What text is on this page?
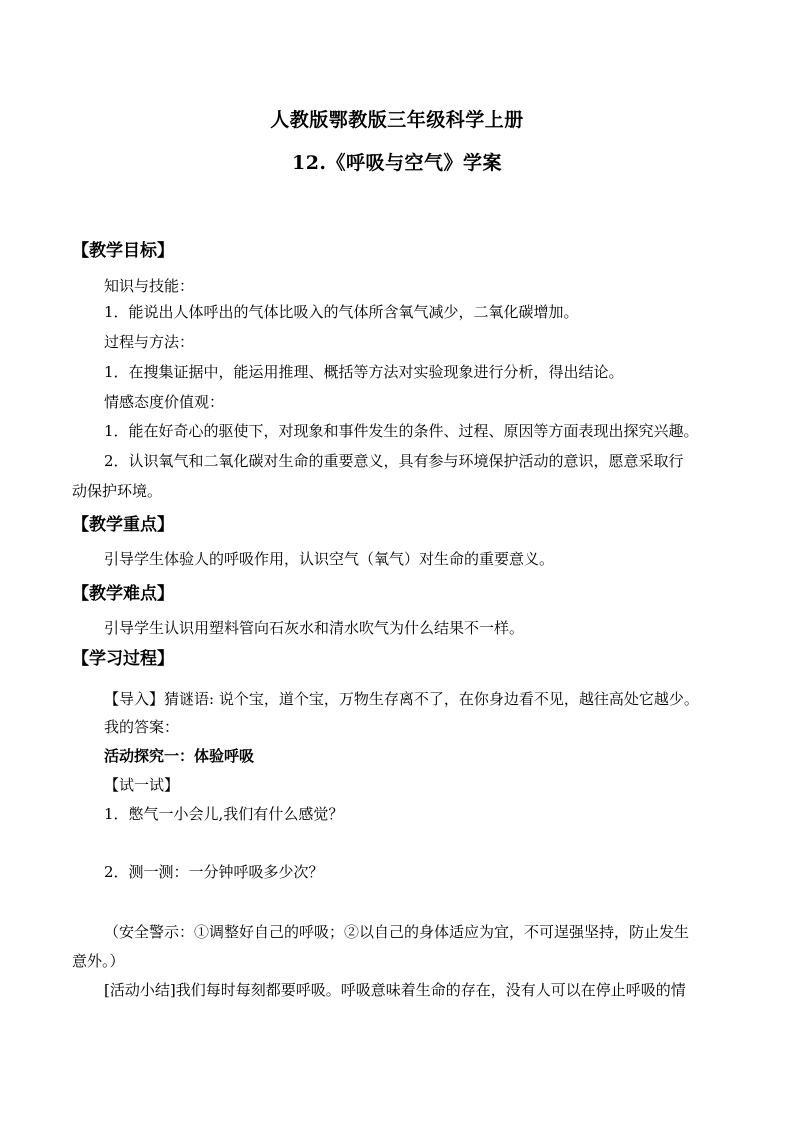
人教版鄂教版三年级科学上册
12.《呼吸与空气》学案
【教学目标】
知识与技能：
1．能说出人体呼出的气体比吸入的气体所含氧气减少，二氧化碳增加。
过程与方法：
1．在搜集证据中，能运用推理、概括等方法对实验现象进行分析，得出结论。
情感态度价值观：
1．能在好奇心的驱使下，对现象和事件发生的条件、过程、原因等方面表现出探究兴趣。
2．认识氧气和二氧化碳对生命的重要意义，具有参与环境保护活动的意识，愿意采取行
动保护环境。
【教学重点】
引导学生体验人的呼吸作用，认识空气（氧气）对生命的重要意义。
【教学难点】
引导学生认识用塑料管向石灰水和清水吹气为什么结果不一样。
【学习过程】
【导入】猜谜语: 说个宝，道个宝，万物生存离不了，在你身边看不见，越往高处它越少。
我的答案：
活动探究一：体验呼吸
【试一试】
1．憋气一小会儿,我们有什么感觉？
2．测一测：一分钟呼吸多少次？
（安全警示：①调整好自己的呼吸；②以自己的身体适应为宜，不可逞强坚持，防止发生
意外。）
[活动小结]我们每时每刻都要呼吸。呼吸意味着生命的存在，没有人可以在停止呼吸的情
